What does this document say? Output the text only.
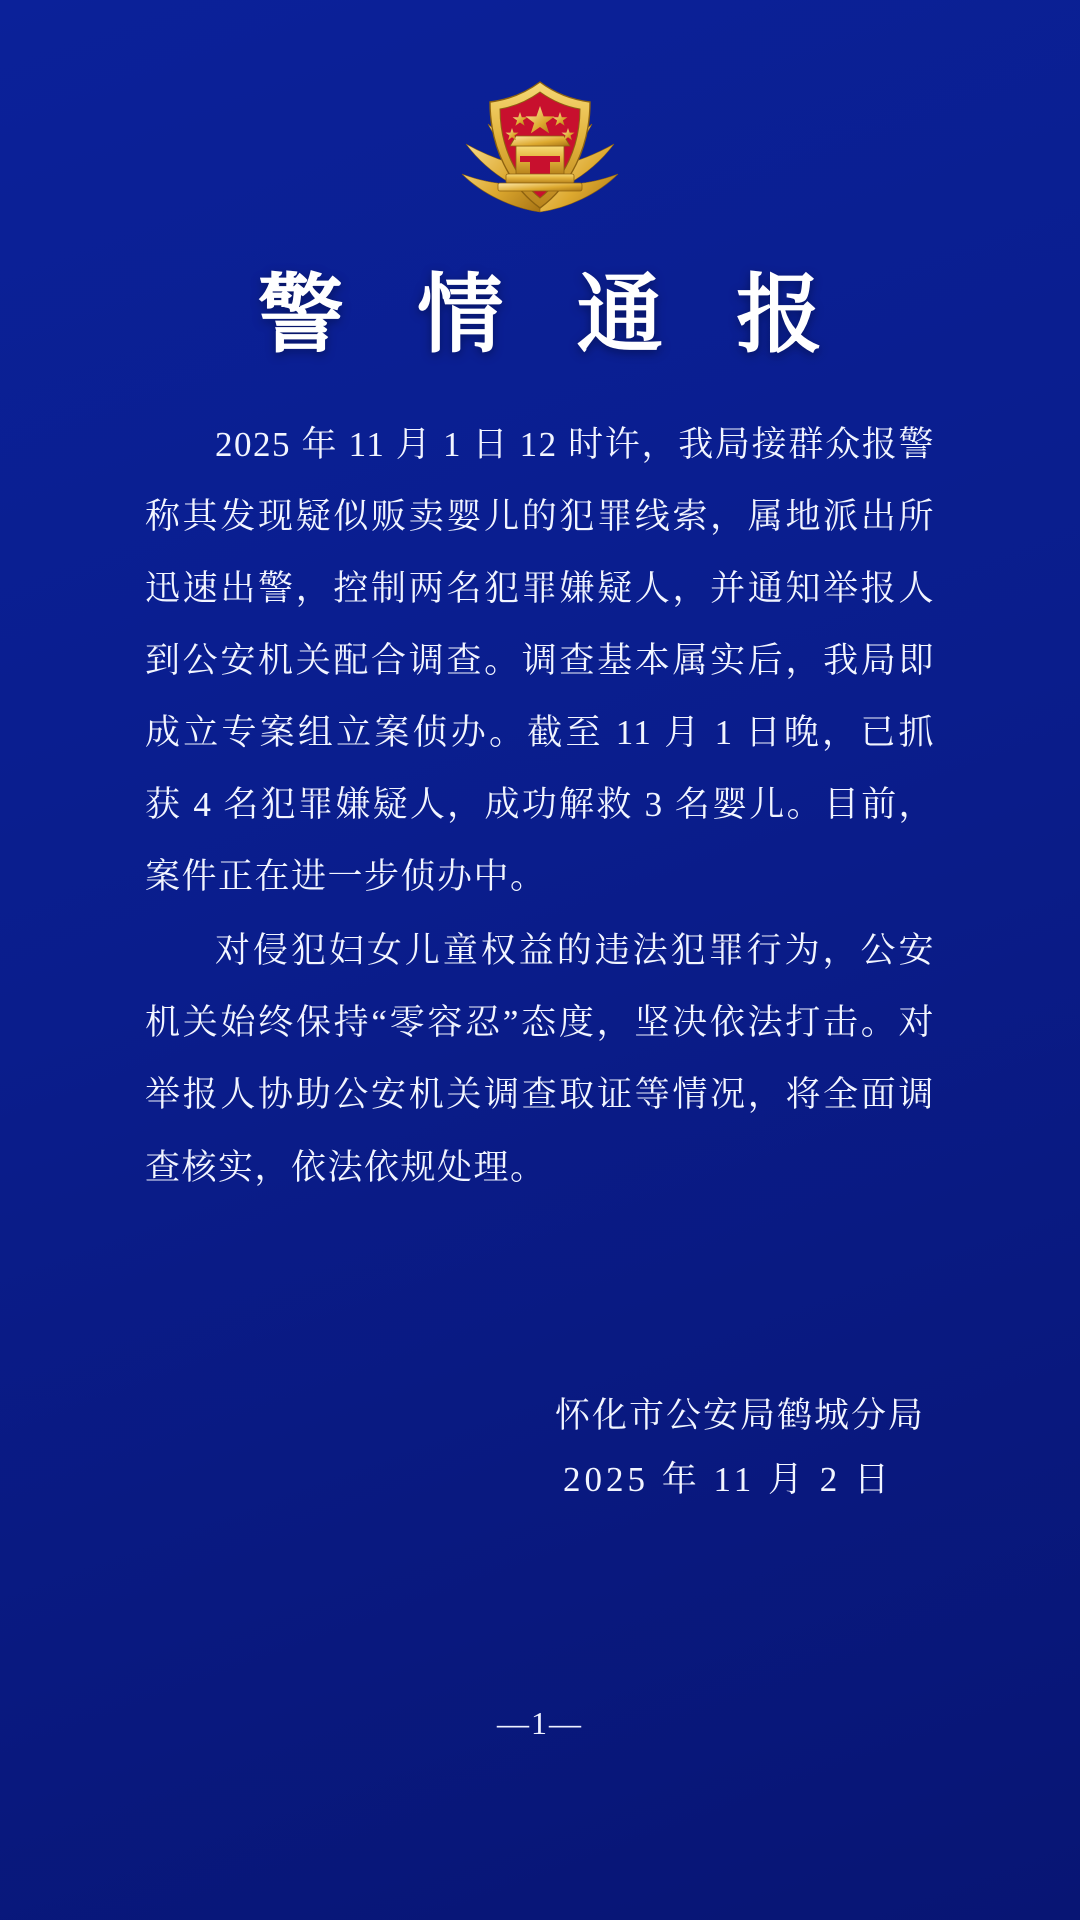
警 情 通 报

2025 年 11 月 1 日 12 时许，我局接群众报警称其发现疑似贩卖婴儿的犯罪线索，属地派出所迅速出警，控制两名犯罪嫌疑人，并通知举报人到公安机关配合调查。调查基本属实后，我局即成立专案组立案侦办。截至 11 月 1 日晚，已抓获 4 名犯罪嫌疑人，成功解救 3 名婴儿。目前，案件正在进一步侦办中。

对侵犯妇女儿童权益的违法犯罪行为，公安机关始终保持“零容忍”态度，坚决依法打击。对举报人协助公安机关调查取证等情况，将全面调查核实，依法依规处理。

怀化市公安局鹤城分局
2025 年 11 月 2 日
—1—
